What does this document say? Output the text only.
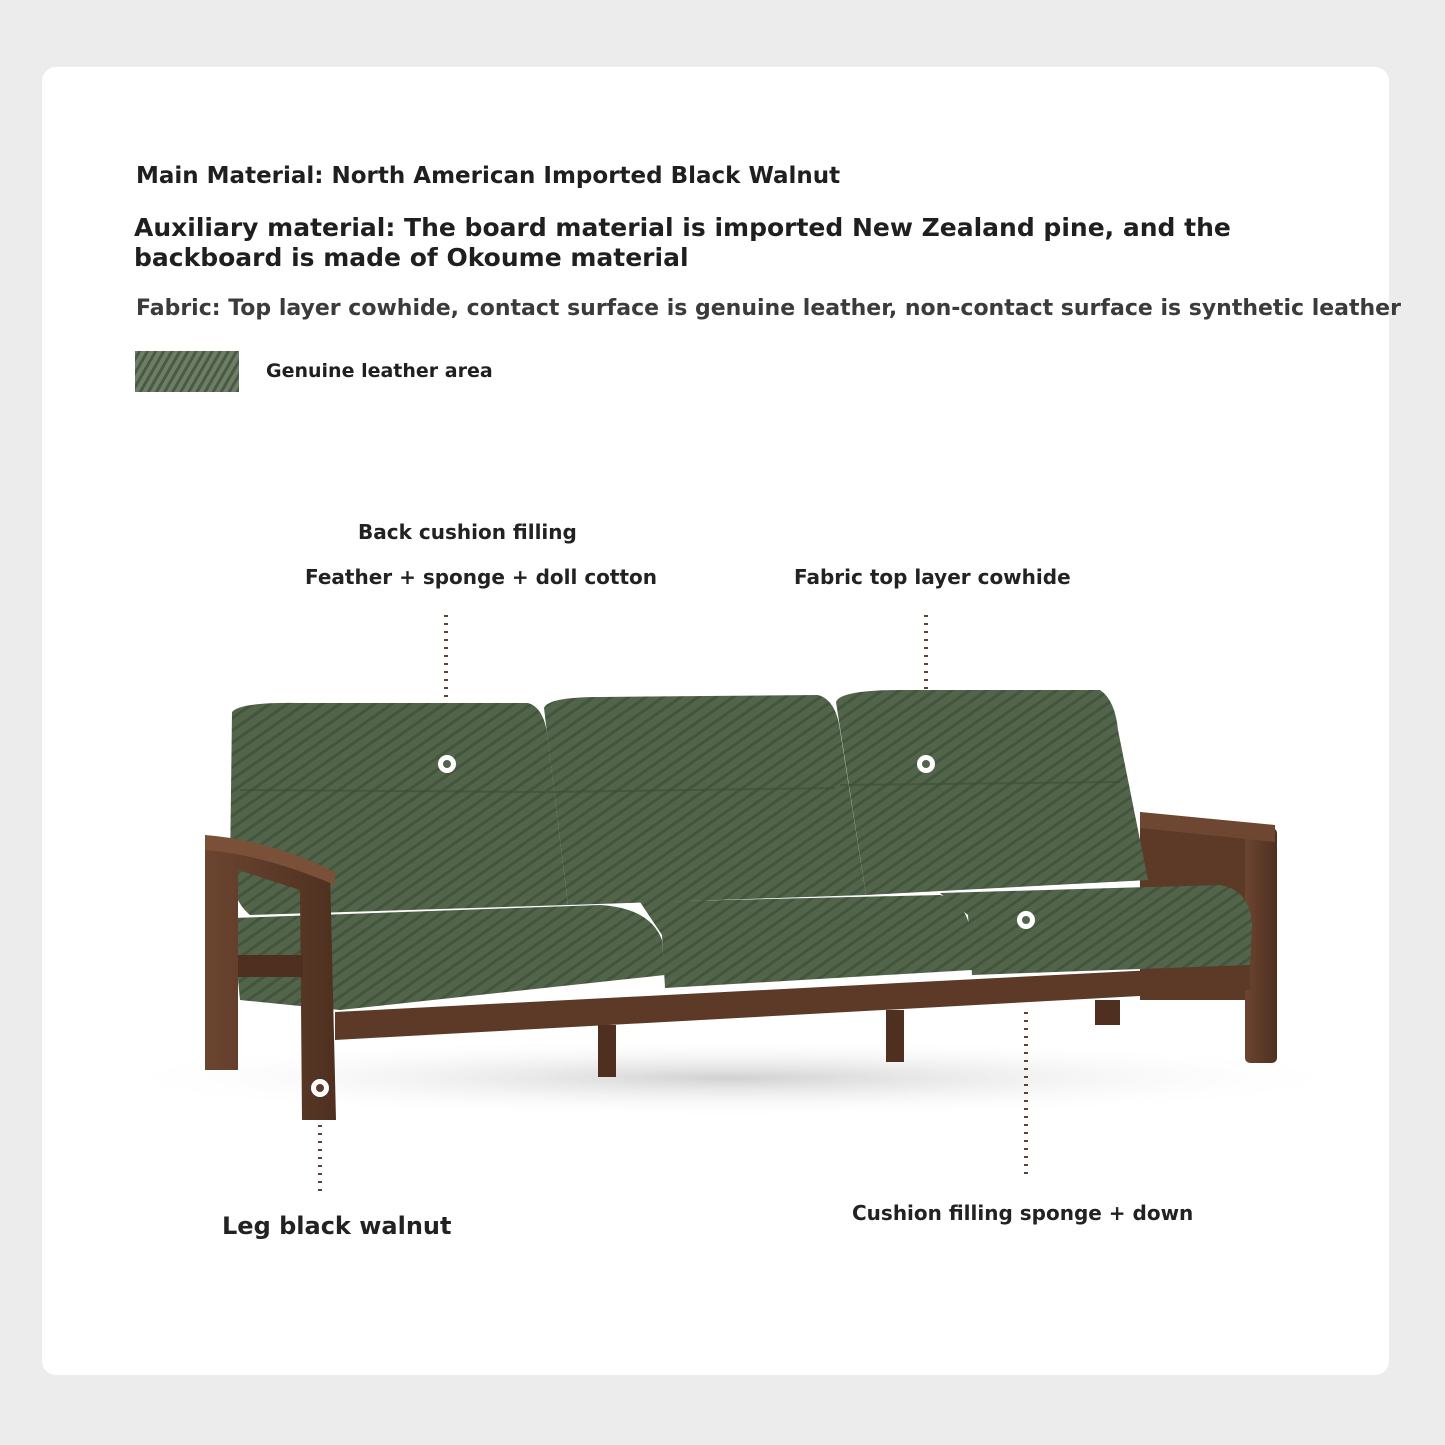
Main Material: North American Imported Black Walnut

Auxiliary material: The board material is imported New Zealand pine, and the backboard is made of Okoume material

Fabric: Top layer cowhide, contact surface is genuine leather, non-contact surface is synthetic leather

Genuine leather area
Back cushion filling
Feather + sponge + doll cotton	Fabric top layer cowhide
Leg black walnut	Cushion filling sponge + down
